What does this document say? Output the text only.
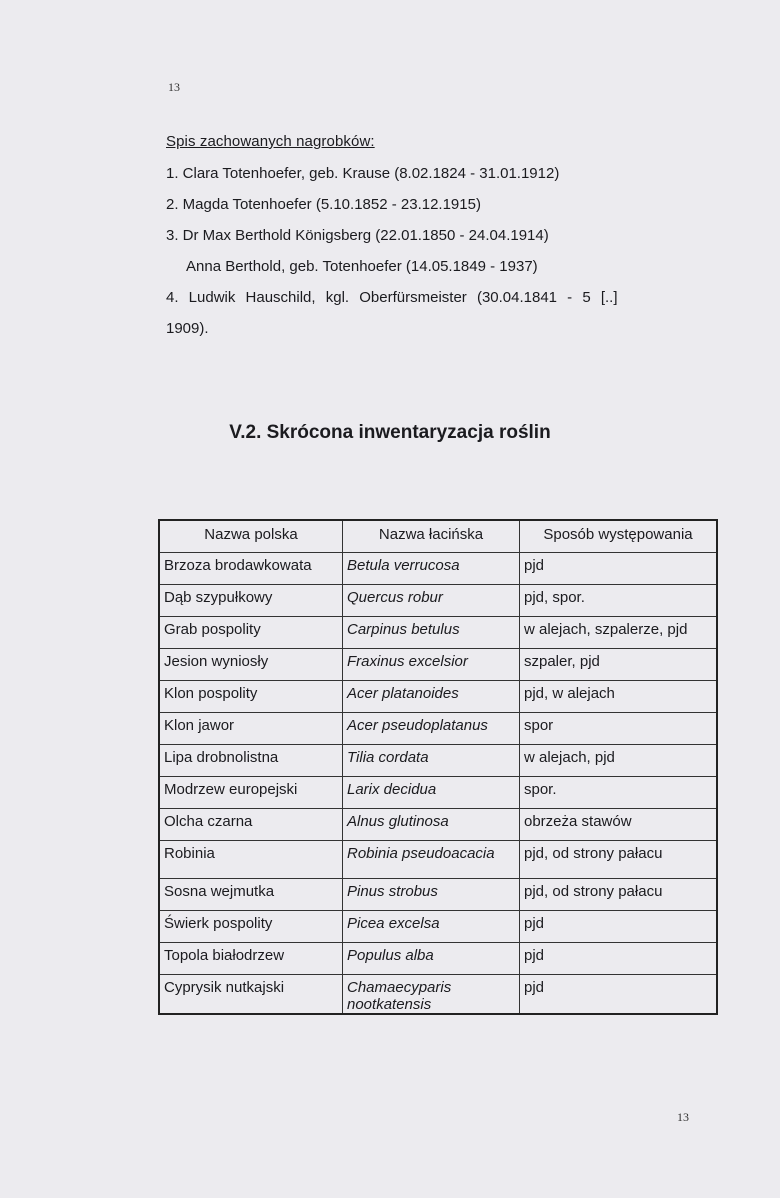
13
Spis zachowanych nagrobków:
1. Clara Totenhoefer, geb. Krause (8.02.1824 - 31.01.1912)
2. Magda Totenhoefer (5.10.1852 - 23.12.1915)
3. Dr Max Berthold Königsberg (22.01.1850 - 24.04.1914)
Anna Berthold, geb. Totenhoefer (14.05.1849 - 1937)
4. Ludwik Hauschild, kgl. Oberfürsmeister (30.04.1841 - 5 [..]
1909).
V.2. Skrócona inwentaryzacja roślin
Nazwa polska	Nazwa łacińska	Sposób występowania
Brzoza brodawkowata	Betula verrucosa	pjd
Dąb szypułkowy	Quercus robur	pjd, spor.
Grab pospolity	Carpinus betulus	w alejach, szpalerze, pjd
Jesion wyniosły	Fraxinus excelsior	szpaler, pjd
Klon pospolity	Acer platanoides	pjd, w alejach
Klon jawor	Acer pseudoplatanus	spor
Lipa drobnolistna	Tilia cordata	w alejach, pjd
Modrzew europejski	Larix decidua	spor.
Olcha czarna	Alnus glutinosa	obrzeża stawów
Robinia	Robinia pseudoacacia	pjd, od strony pałacu
Sosna wejmutka	Pinus strobus	pjd, od strony pałacu
Świerk pospolity	Picea excelsa	pjd
Topola białodrzew	Populus alba	pjd
Cyprysik nutkajski	Chamaecyparis nootkatensis	pjd
13
